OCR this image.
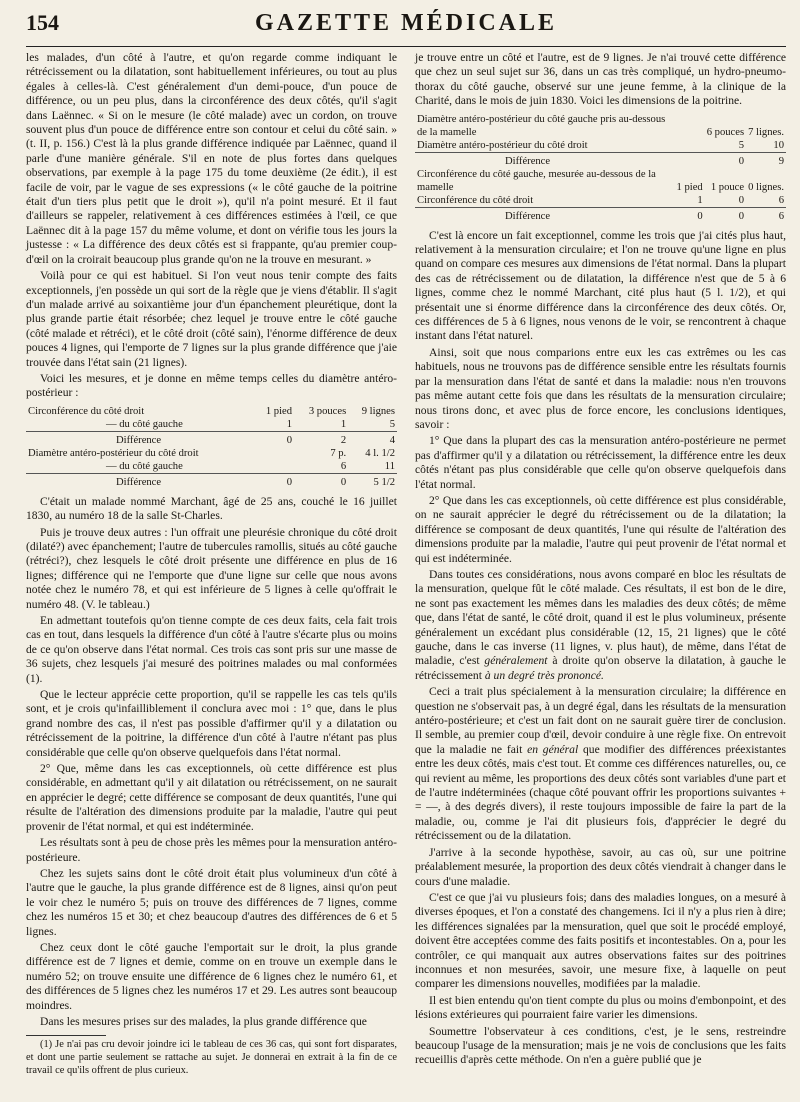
154	GAZETTE MÉDICALE

les malades, d'un côté à l'autre, et qu'on regarde comme indiquant le rétrécissement ou la dilatation, sont habituellement inférieures, ou tout au plus égales à celles-là. C'est généralement d'un demi-pouce, d'un pouce de différence, ou un peu plus, dans la circonférence des deux côtés, qu'il s'agit dans Laënnec. « Si on le mesure (le côté malade) avec un cordon, on trouve souvent plus d'un pouce de différence entre son contour et celui du côté sain. » (t. II, p. 156.) C'est là la plus grande différence indiquée par Laënnec, quand il parle d'une manière générale. S'il en note de plus fortes dans quelques observations, par exemple à la page 175 du tome deuxième (2e édit.), il est facile de voir, par le vague de ses expressions (« le côté gauche de la poitrine était d'un tiers plus petit que le droit »), qu'il n'a point mesuré. Et il faut d'ailleurs se rappeler, relativement à ces différences estimées à l'œil, ce que Laënnec dit à la page 157 du même volume, et dont on vérifie tous les jours la justesse : « La différence des deux côtés est si frappante, qu'au premier coup-d'œil on la croirait beaucoup plus grande qu'on ne la trouve en mesurant. »

Voilà pour ce qui est habituel. Si l'on veut nous tenir compte des faits exceptionnels, j'en possède un qui sort de la règle que je viens d'établir. Il s'agit d'un malade arrivé au soixantième jour d'un épanchement pleurétique, dont la plus grande partie était résorbée; chez lequel je trouve entre le côté gauche (côté malade et rétréci), et le côté droit (côté sain), l'énorme différence de deux pouces 4 lignes, qui l'emporte de 7 lignes sur la plus grande différence que j'aie trouvée dans l'état sain (21 lignes).

Voici les mesures, et je donne en même temps celles du diamètre antéro-postérieur :

Circonférence du côté droit	1 pied	3 pouces	9 lignes
— du côté gauche	1	1	5

Différence	0	2	4
Diamètre antéro-postérieur du côté droit		7 p.	4 l. 1/2
— du côté gauche		6	11

Différence	0	0	5 1/2

C'était un malade nommé Marchant, âgé de 25 ans, couché le 16 juillet 1830, au numéro 18 de la salle St-Charles.

Puis je trouve deux autres : l'un offrait une pleurésie chronique du côté droit (dilaté?) avec épanchement; l'autre de tubercules ramollis, situés au côté gauche (rétréci?), chez lesquels le côté droit présente une différence en plus de 16 lignes; différence qui ne l'emporte que d'une ligne sur celle que nous avons notée chez le numéro 78, et qui est inférieure de 5 lignes à celle qu'offrait le numéro 48. (V. le tableau.)

En admettant toutefois qu'on tienne compte de ces deux faits, cela fait trois cas en tout, dans lesquels la différence d'un côté à l'autre s'écarte plus ou moins de ce qu'on observe dans l'état normal. Ces trois cas sont pris sur une masse de 36 sujets, chez lesquels j'ai mesuré des poitrines malades ou mal conformées (1).

Que le lecteur apprécie cette proportion, qu'il se rappelle les cas tels qu'ils sont, et je crois qu'infailliblement il conclura avec moi : 1° que, dans le plus grand nombre des cas, il n'est pas possible d'affirmer qu'il y a dilatation ou rétrécissement de la poitrine, la différence d'un côté à l'autre n'étant pas plus considérable que celle qu'on observe quelquefois dans l'état normal.

2° Que, même dans les cas exceptionnels, où cette différence est plus considérable, en admettant qu'il y ait dilatation ou rétrécissement, on ne saurait en apprécier le degré; cette différence se composant de deux quantités, l'une qui résulte de l'altération des dimensions produite par la maladie, l'autre qui peut provenir de l'état normal, et qui est indéterminée.

Les résultats sont à peu de chose près les mêmes pour la mensuration antéro-postérieure.

Chez les sujets sains dont le côté droit était plus volumineux d'un côté à l'autre que le gauche, la plus grande différence est de 8 lignes, ainsi qu'on peut le voir chez le numéro 5; puis on trouve des différences de 7 lignes, comme chez les numéros 15 et 30; et chez beaucoup d'autres des différences de 6 et 5 lignes.

Chez ceux dont le côté gauche l'emportait sur le droit, la plus grande différence est de 7 lignes et demie, comme on en trouve un exemple dans le numéro 52; on trouve ensuite une différence de 6 lignes chez le numéro 61, et des différences de 5 lignes chez les numéros 17 et 29. Les autres sont beaucoup moindres.

Dans les mesures prises sur des malades, la plus grande différence que

(1) Je n'ai pas cru devoir joindre ici le tableau de ces 36 cas, qui sont fort disparates, et dont une partie seulement se rattache au sujet. Je donnerai en extrait à la fin de ce travail ce qu'ils offrent de plus curieux.

je trouve entre un côté et l'autre, est de 9 lignes. Je n'ai trouvé cette différence que chez un seul sujet sur 36, dans un cas très compliqué, un hydro-pneumo-thorax du côté gauche, observé sur une jeune femme, à la clinique de la Charité, dans le mois de juin 1830. Voici les dimensions de la poitrine.

Diamètre antéro-postérieur du côté gauche pris au-dessous de la mamelle		6 pouces	7 lignes.
Diamètre antéro-postérieur du côté droit		5	10

Différence		0	9
Circonférence du côté gauche, mesurée au-dessous de la mamelle	1 pied	1 pouce	0 lignes.
Circonférence du côté droit	1	0	6

Différence	0	0	6

C'est là encore un fait exceptionnel, comme les trois que j'ai cités plus haut, relativement à la mensuration circulaire; et l'on ne trouve qu'une ligne en plus quand on compare ces mesures aux dimensions de l'état normal. Dans la plupart des cas de rétrécissement ou de dilatation, la différence n'est que de 5 à 6 lignes, comme chez le nommé Marchant, cité plus haut (5 l. 1/2), et qui présentait une si énorme différence dans la circonférence des deux côtés. Or, ces différences de 5 à 6 lignes, nous venons de le voir, se rencontrent à chaque instant dans l'état naturel.

Ainsi, soit que nous comparions entre eux les cas extrêmes ou les cas habituels, nous ne trouvons pas de différence sensible entre les résultats fournis par la mensuration dans l'état de santé et dans la maladie: nous n'en trouvons pas même autant cette fois que dans les résultats de la mensuration circulaire; nous tirons donc, et avec plus de force encore, les conclusions identiques, savoir :

1° Que dans la plupart des cas la mensuration antéro-postérieure ne permet pas d'affirmer qu'il y a dilatation ou rétrécissement, la différence entre les deux côtés n'étant pas plus considérable que celle qu'on observe quelquefois dans l'état normal.

2° Que dans les cas exceptionnels, où cette différence est plus considérable, on ne saurait apprécier le degré du rétrécissement ou de la dilatation; la différence se composant de deux quantités, l'une qui résulte de l'altération des dimensions produite par la maladie, l'autre qui peut provenir de l'état normal et qui est indéterminée.

Dans toutes ces considérations, nous avons comparé en bloc les résultats de la mensuration, quelque fût le côté malade. Ces résultats, il est bon de le dire, ne sont pas exactement les mêmes dans les maladies des deux côtés; de même que, dans l'état de santé, le côté droit, quand il est le plus volumineux, présente généralement un excédant plus considérable (12, 15, 21 lignes) que le côté gauche, dans le cas inverse (11 lignes, v. plus haut), de même, dans l'état de maladie, c'est généralement à droite qu'on observe la dilatation, à gauche le rétrécissement à un degré très prononcé.

Ceci a trait plus spécialement à la mensuration circulaire; la différence en question ne s'observait pas, à un degré égal, dans les résultats de la mensuration antéro-postérieure; et c'est un fait dont on ne saurait guère tirer de conclusion. Il semble, au premier coup d'œil, devoir conduire à une règle fixe. On entrevoit que la maladie ne fait en général que modifier des différences préexistantes entre les deux côtés, mais c'est tout. Et comme ces différences naturelles, ou, ce qui revient au même, les proportions des deux côtés sont variables d'une part et de l'autre indéterminées (chaque côté pouvant offrir les proportions suivantes + = —, à des degrés divers), il reste toujours impossible de faire la part de la maladie, ou, comme je l'ai dit plusieurs fois, d'apprécier le degré du rétrécissement ou de la dilatation.

J'arrive à la seconde hypothèse, savoir, au cas où, sur une poitrine préalablement mesurée, la proportion des deux côtés viendrait à changer dans le cours d'une maladie.

C'est ce que j'ai vu plusieurs fois; dans des maladies longues, on a mesuré à diverses époques, et l'on a constaté des changemens. Ici il n'y a plus rien à dire; les différences signalées par la mensuration, quel que soit le procédé employé, doivent être acceptées comme des faits positifs et incontestables. On a, pour les contrôler, ce qui manquait aux autres observations faites sur des poitrines inconnues et non mesurées, savoir, une mesure fixe, à laquelle on peut comparer les dimensions nouvelles, modifiées par la maladie.

Il est bien entendu qu'on tient compte du plus ou moins d'embonpoint, et des lésions extérieures qui pourraient faire varier les dimensions.

Soumettre l'observateur à ces conditions, c'est, je le sens, restreindre beaucoup l'usage de la mensuration; mais je ne vois de conclusions que les faits recueillis d'après cette méthode. On n'en a guère publié que je
